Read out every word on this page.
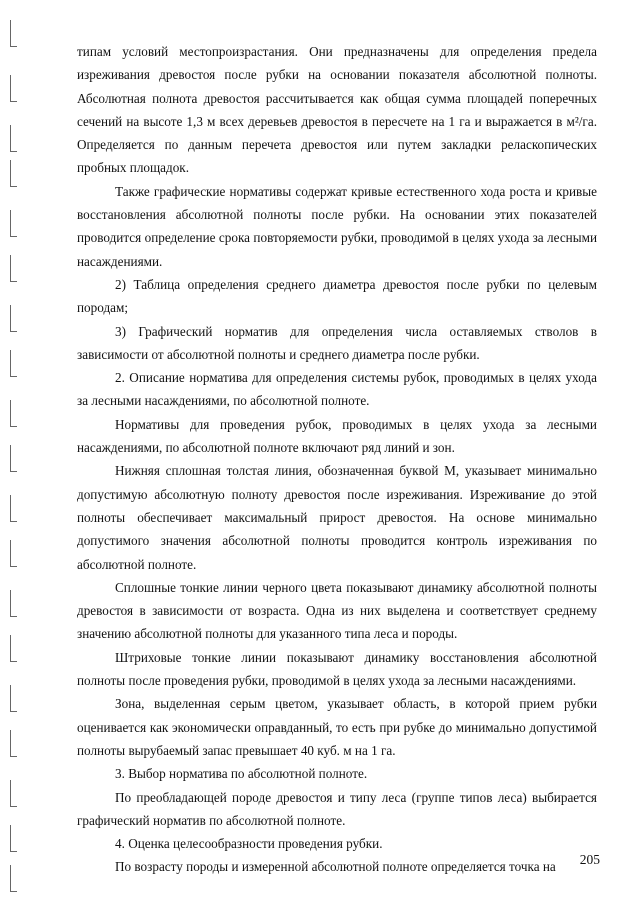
типам условий местопроизрастания. Они предназначены для определения предела изреживания древостоя после рубки на основании показателя абсолютной полноты. Абсолютная полнота древостоя рассчитывается как общая сумма площадей поперечных сечений на высоте 1,3 м всех деревьев древостоя в пересчете на 1 га и выражается в м²/га. Определяется по данным перечета древостоя или путем закладки реласкопических пробных площадок.

Также графические нормативы содержат кривые естественного хода роста и кривые восстановления абсолютной полноты после рубки. На основании этих показателей проводится определение срока повторяемости рубки, проводимой в целях ухода за лесными насаждениями.

2) Таблица определения среднего диаметра древостоя после рубки по целевым породам;

3) Графический норматив для определения числа оставляемых стволов в зависимости от абсолютной полноты и среднего диаметра после рубки.

2. Описание норматива для определения системы рубок, проводимых в целях ухода за лесными насаждениями, по абсолютной полноте.

Нормативы для проведения рубок, проводимых в целях ухода за лесными насаждениями, по абсолютной полноте включают ряд линий и зон.

Нижняя сплошная толстая линия, обозначенная буквой М, указывает минимально допустимую абсолютную полноту древостоя после изреживания. Изреживание до этой полноты обеспечивает максимальный прирост древостоя. На основе минимально допустимого значения абсолютной полноты проводится контроль изреживания по абсолютной полноте.

Сплошные тонкие линии черного цвета показывают динамику абсолютной полноты древостоя в зависимости от возраста. Одна из них выделена и соответствует среднему значению абсолютной полноты для указанного типа леса и породы.

Штриховые тонкие линии показывают динамику восстановления абсолютной полноты после проведения рубки, проводимой в целях ухода за лесными насаждениями.

Зона, выделенная серым цветом, указывает область, в которой прием рубки оценивается как экономически оправданный, то есть при рубке до минимально допустимой полноты вырубаемый запас превышает 40 куб. м на 1 га.

3. Выбор норматива по абсолютной полноте.

По преобладающей породе древостоя и типу леса (группе типов леса) выбирается графический норматив по абсолютной полноте.

4. Оценка целесообразности проведения рубки.

По возрасту породы и измеренной абсолютной полноте определяется точка на	205
